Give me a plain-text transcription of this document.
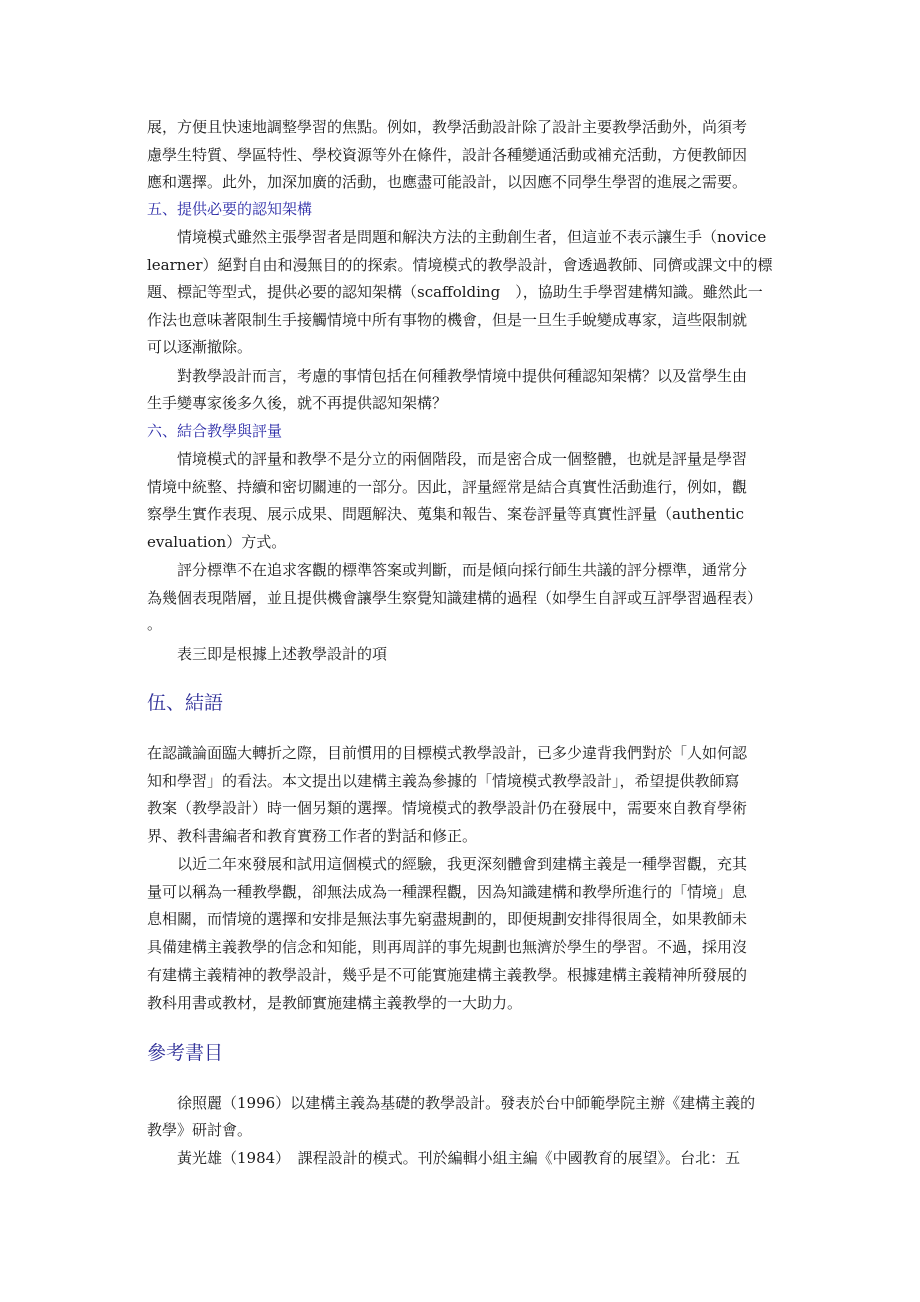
展，方便且快速地調整學習的焦點。例如，教學活動設計除了設計主要教學活動外，尚須考
慮學生特質、學區特性、學校資源等外在條件，設計各種變通活動或補充活動，方便教師因
應和選擇。此外，加深加廣的活動，也應盡可能設計，以因應不同學生學習的進展之需要。
五、提供必要的認知架構
情境模式雖然主張學習者是問題和解決方法的主動創生者，但這並不表示讓生手（novice
learner）絕對自由和漫無目的的探索。情境模式的教學設計，會透過教師、同儕或課文中的標
題、標記等型式，提供必要的認知架構（scaffolding　），協助生手學習建構知識。雖然此一
作法也意味著限制生手接觸情境中所有事物的機會，但是一旦生手蛻變成專家，這些限制就
可以逐漸撤除。
對教學設計而言，考慮的事情包括在何種教學情境中提供何種認知架構？以及當學生由
生手變專家後多久後，就不再提供認知架構？
六、結合教學與評量
情境模式的評量和教學不是分立的兩個階段，而是密合成一個整體，也就是評量是學習
情境中統整、持續和密切關連的一部分。因此，評量經常是結合真實性活動進行，例如，觀
察學生實作表現、展示成果、問題解決、蒐集和報告、案卷評量等真實性評量（authentic
evaluation）方式。
評分標準不在追求客觀的標準答案或判斷，而是傾向採行師生共議的評分標準，通常分
為幾個表現階層，並且提供機會讓學生察覺知識建構的過程（如學生自評或互評學習過程表）
。
表三即是根據上述教學設計的項
伍、結語
在認識論面臨大轉折之際，目前慣用的目標模式教學設計，已多少違背我們對於「人如何認
知和學習」的看法。本文提出以建構主義為參據的「情境模式教學設計」，希望提供教師寫
教案（教學設計）時一個另類的選擇。情境模式的教學設計仍在發展中，需要來自教育學術
界、教科書編者和教育實務工作者的對話和修正。
以近二年來發展和試用這個模式的經驗，我更深刻體會到建構主義是一種學習觀，充其
量可以稱為一種教學觀，卻無法成為一種課程觀，因為知識建構和教學所進行的「情境」息
息相關，而情境的選擇和安排是無法事先窮盡規劃的，即便規劃安排得很周全，如果教師未
具備建構主義教學的信念和知能，則再周詳的事先規劃也無濟於學生的學習。不過，採用沒
有建構主義精神的教學設計，幾乎是不可能實施建構主義教學。根據建構主義精神所發展的
教科用書或教材，是教師實施建構主義教學的一大助力。
參考書目
徐照麗（1996）以建構主義為基礎的教學設計。發表於台中師範學院主辦《建構主義的
教學》研討會。
黃光雄（1984）　課程設計的模式。刊於編輯小組主編《中國教育的展望》。台北：五
